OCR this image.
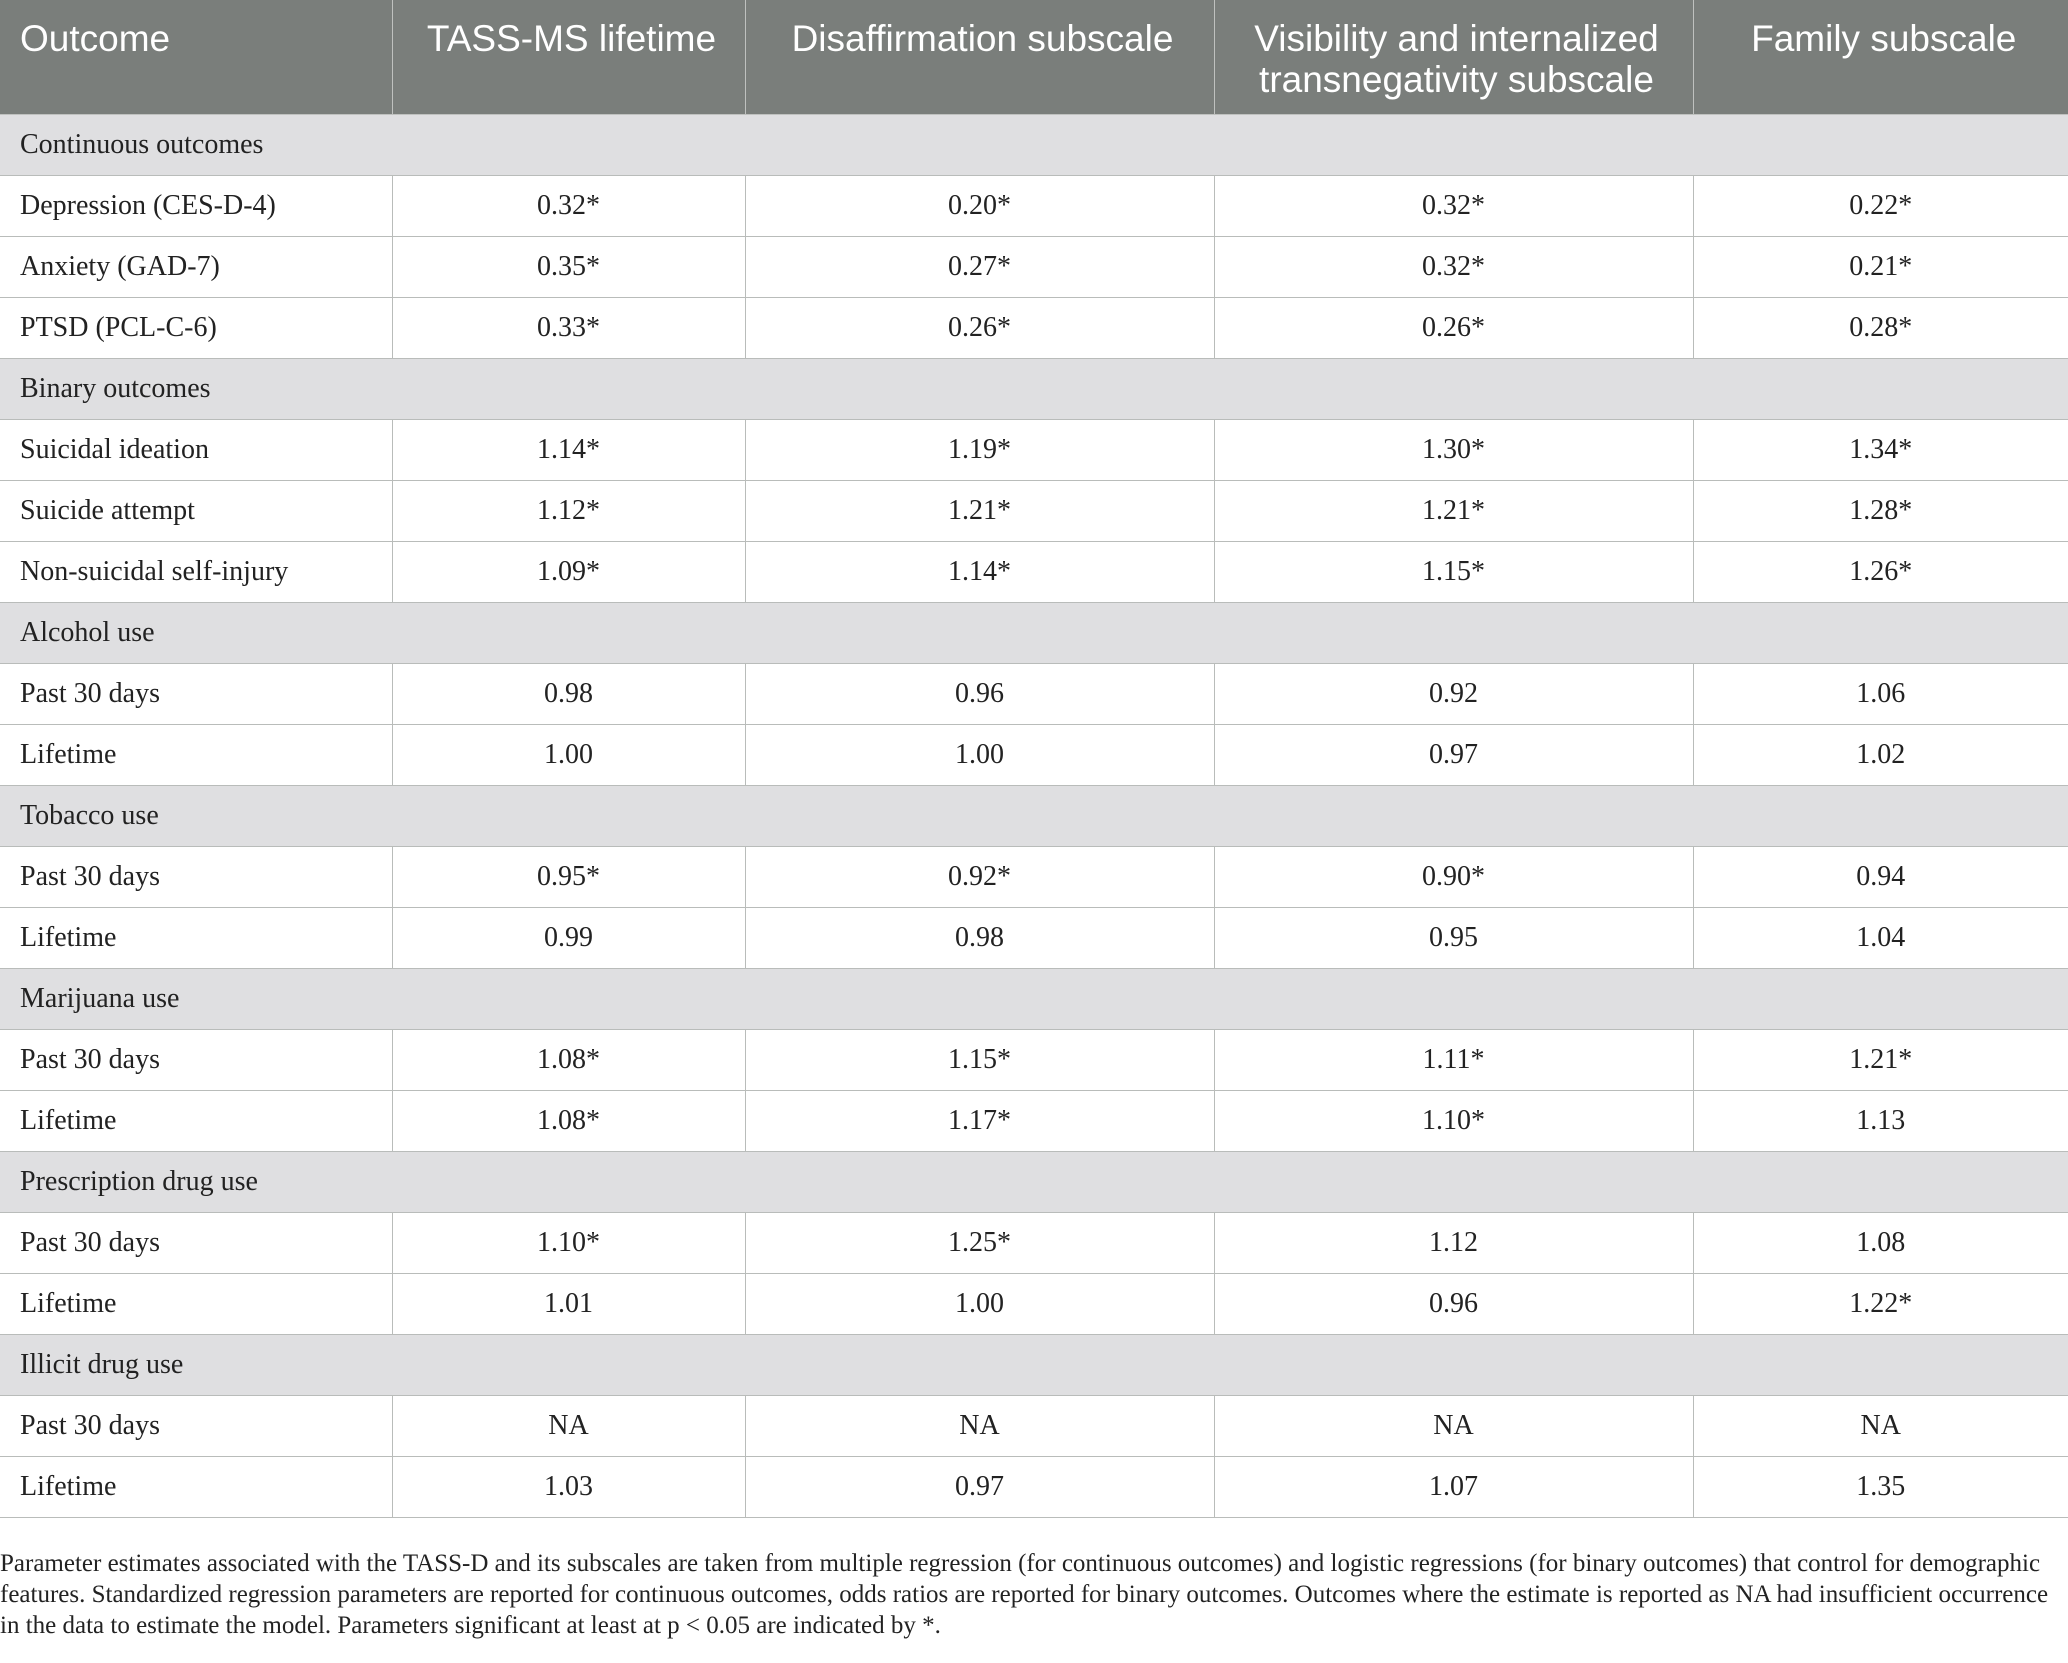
Outcome	TASS-MS lifetime	Disaffirmation subscale	Visibility and internalized transnegativity subscale	Family subscale
Continuous outcomes				
Depression (CES-D-4)	0.32*	0.20*	0.32*	0.22*
Anxiety (GAD-7)	0.35*	0.27*	0.32*	0.21*
PTSD (PCL-C-6)	0.33*	0.26*	0.26*	0.28*
Binary outcomes				
Suicidal ideation	1.14*	1.19*	1.30*	1.34*
Suicide attempt	1.12*	1.21*	1.21*	1.28*
Non-suicidal self-injury	1.09*	1.14*	1.15*	1.26*
Alcohol use				
Past 30 days	0.98	0.96	0.92	1.06
Lifetime	1.00	1.00	0.97	1.02
Tobacco use				
Past 30 days	0.95*	0.92*	0.90*	0.94
Lifetime	0.99	0.98	0.95	1.04
Marijuana use				
Past 30 days	1.08*	1.15*	1.11*	1.21*
Lifetime	1.08*	1.17*	1.10*	1.13
Prescription drug use				
Past 30 days	1.10*	1.25*	1.12	1.08
Lifetime	1.01	1.00	0.96	1.22*
Illicit drug use				
Past 30 days	NA	NA	NA	NA
Lifetime	1.03	0.97	1.07	1.35

Parameter estimates associated with the TASS-D and its subscales are taken from multiple regression (for continuous outcomes) and logistic regressions (for binary outcomes) that control for demographic features. Standardized regression parameters are reported for continuous outcomes, odds ratios are reported for binary outcomes. Outcomes where the estimate is reported as NA had insufficient occurrence in the data to estimate the model. Parameters significant at least at p < 0.05 are indicated by *.
